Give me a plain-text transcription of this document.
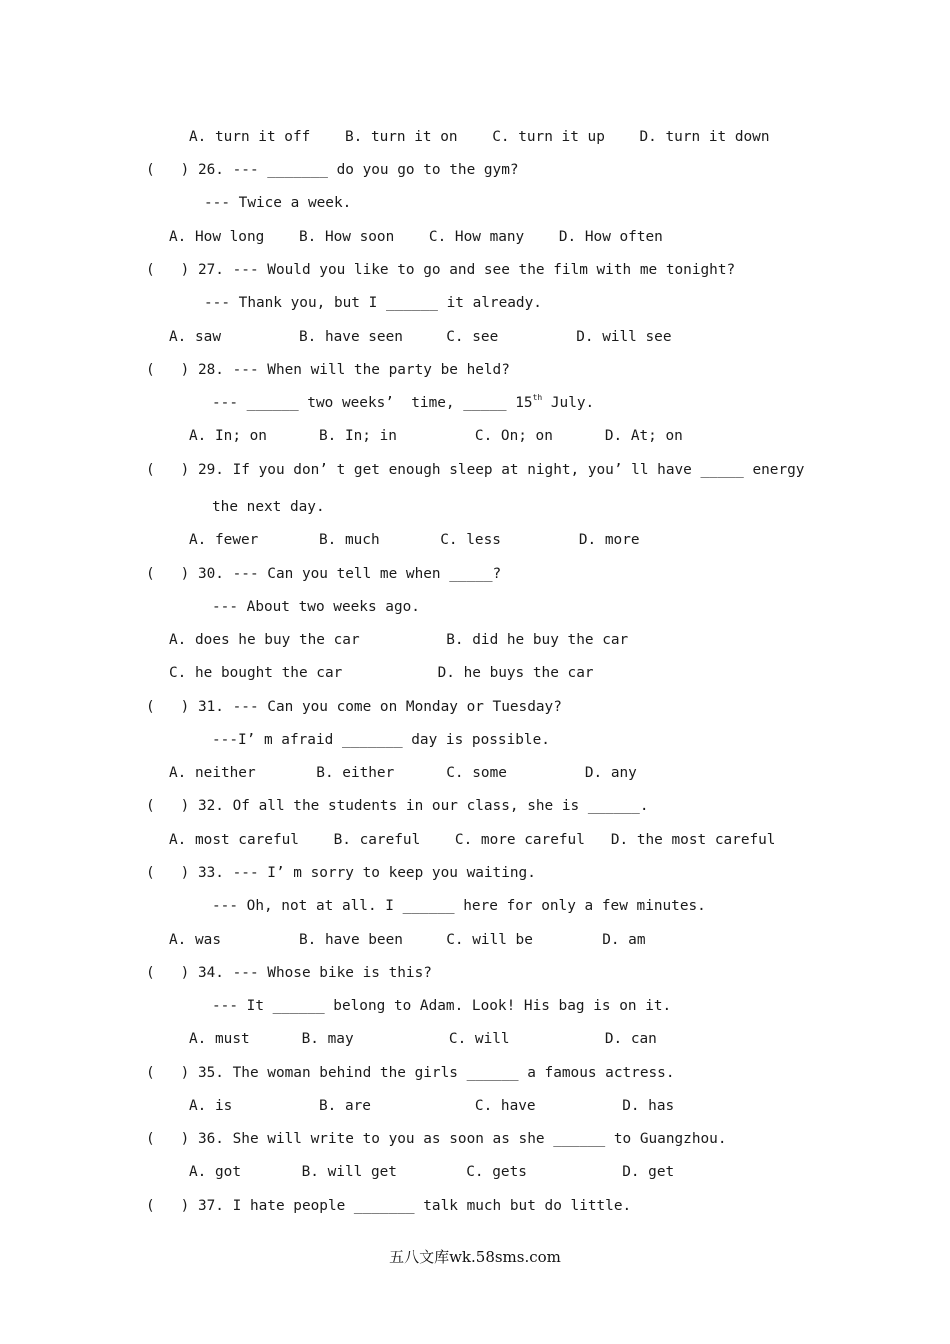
A. turn it off    B. turn it on    C. turn it up    D. turn it down
(   ) 26. --- _______ do you go to the gym?
--- Twice a week.
A. How long    B. How soon    C. How many    D. How often
(   ) 27. --- Would you like to go and see the film with me tonight?
--- Thank you, but I ______ it already.
A. saw         B. have seen     C. see         D. will see
(   ) 28. --- When will the party be held?
--- ______ two weeks’  time, _____ 15th July.
A. In; on      B. In; in         C. On; on      D. At; on
(   ) 29. If you don’ t get enough sleep at night, you’ ll have _____ energy
the next day.
A. fewer       B. much       C. less         D. more
(   ) 30. --- Can you tell me when _____?
--- About two weeks ago.
A. does he buy the car          B. did he buy the car
C. he bought the car           D. he buys the car
(   ) 31. --- Can you come on Monday or Tuesday?
---I’ m afraid _______ day is possible.
A. neither       B. either      C. some         D. any
(   ) 32. Of all the students in our class, she is ______.
A. most careful    B. careful    C. more careful   D. the most careful
(   ) 33. --- I’ m sorry to keep you waiting.
--- Oh, not at all. I ______ here for only a few minutes.
A. was         B. have been     C. will be        D. am
(   ) 34. --- Whose bike is this?
--- It ______ belong to Adam. Look! His bag is on it.
A. must      B. may           C. will           D. can
(   ) 35. The woman behind the girls ______ a famous actress.
A. is          B. are            C. have          D. has
(   ) 36. She will write to you as soon as she ______ to Guangzhou.
A. got       B. will get        C. gets           D. get
(   ) 37. I hate people _______ talk much but do little.
五八文库wk.58sms.com
